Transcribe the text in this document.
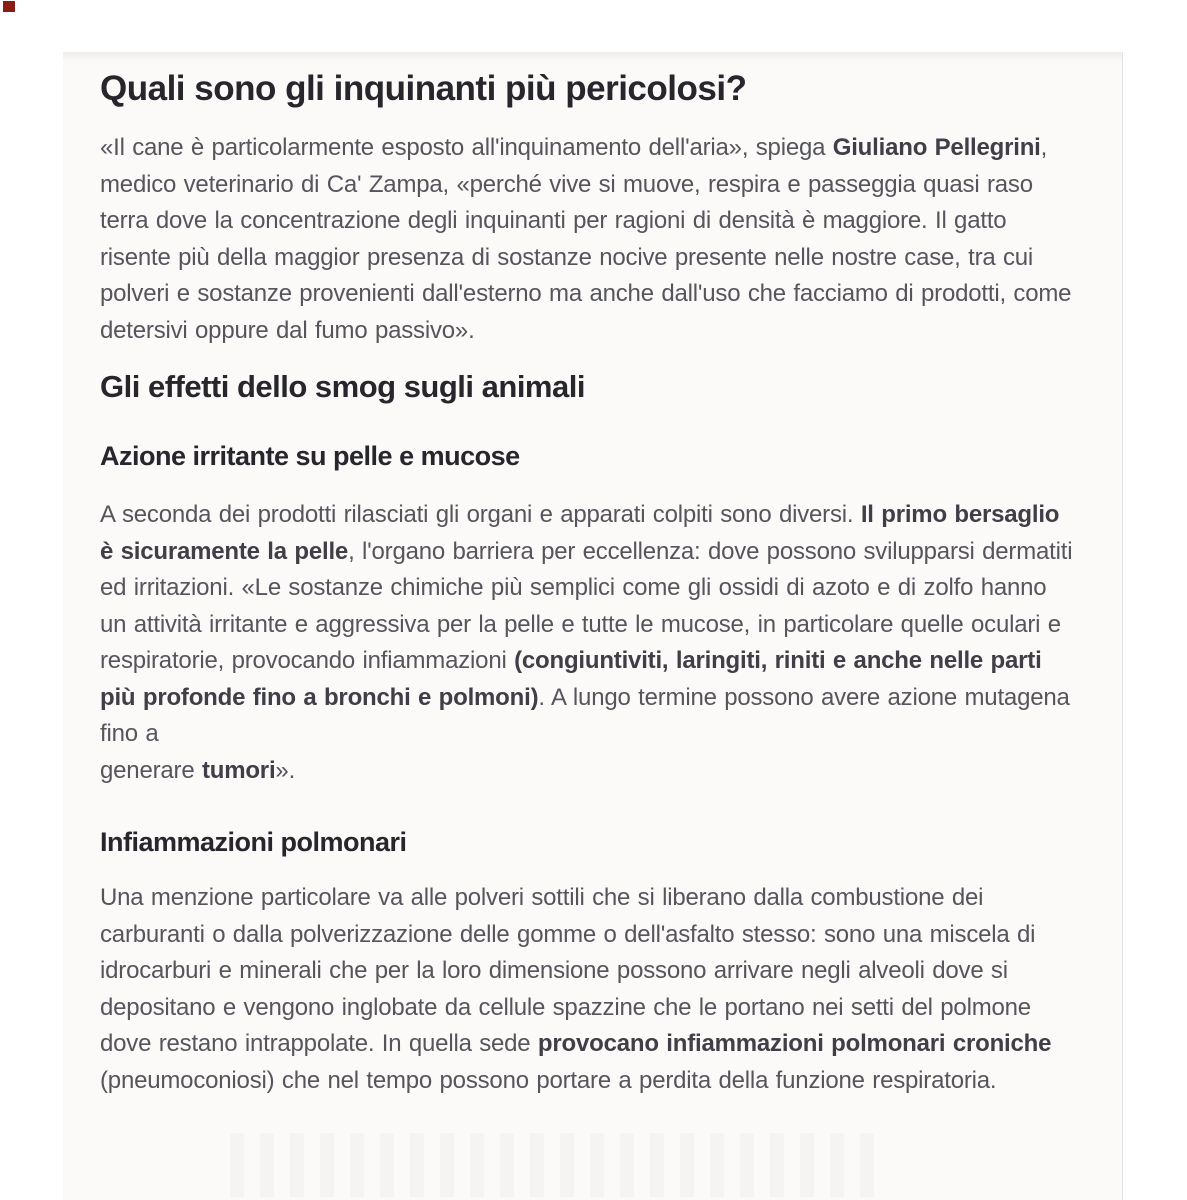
Quali sono gli inquinanti più pericolosi?

«Il cane è particolarmente esposto all'inquinamento dell'aria», spiega Giuliano Pellegrini, medico veterinario di Ca' Zampa, «perché vive si muove, respira e passeggia quasi raso terra dove la concentrazione degli inquinanti per ragioni di densità è maggiore. Il gatto risente più della maggior presenza di sostanze nocive presente nelle nostre case, tra cui polveri e sostanze provenienti dall'esterno ma anche dall'uso che facciamo di prodotti, come detersivi oppure dal fumo passivo».

Gli effetti dello smog sugli animali
Azione irritante su pelle e mucose

A seconda dei prodotti rilasciati gli organi e apparati colpiti sono diversi. Il primo bersaglio è sicuramente la pelle, l'organo barriera per eccellenza: dove possono svilupparsi dermatiti ed irritazioni. «Le sostanze chimiche più semplici come gli ossidi di azoto e di zolfo hanno un attività irritante e aggressiva per la pelle e tutte le mucose, in particolare quelle oculari e respiratorie, provocando infiammazioni (congiuntiviti, laringiti, riniti e anche nelle parti più profonde fino a bronchi e polmoni). A lungo termine possono avere azione mutagena fino a
generare tumori».

Infiammazioni polmonari

Una menzione particolare va alle polveri sottili che si liberano dalla combustione dei carburanti o dalla polverizzazione delle gomme o dell'asfalto stesso: sono una miscela di idrocarburi e minerali che per la loro dimensione possono arrivare negli alveoli dove si depositano e vengono inglobate da cellule spazzine che le portano nei setti del polmone dove restano intrappolate. In quella sede provocano infiammazioni polmonari croniche (pneumoconiosi) che nel tempo possono portare a perdita della funzione respiratoria.
